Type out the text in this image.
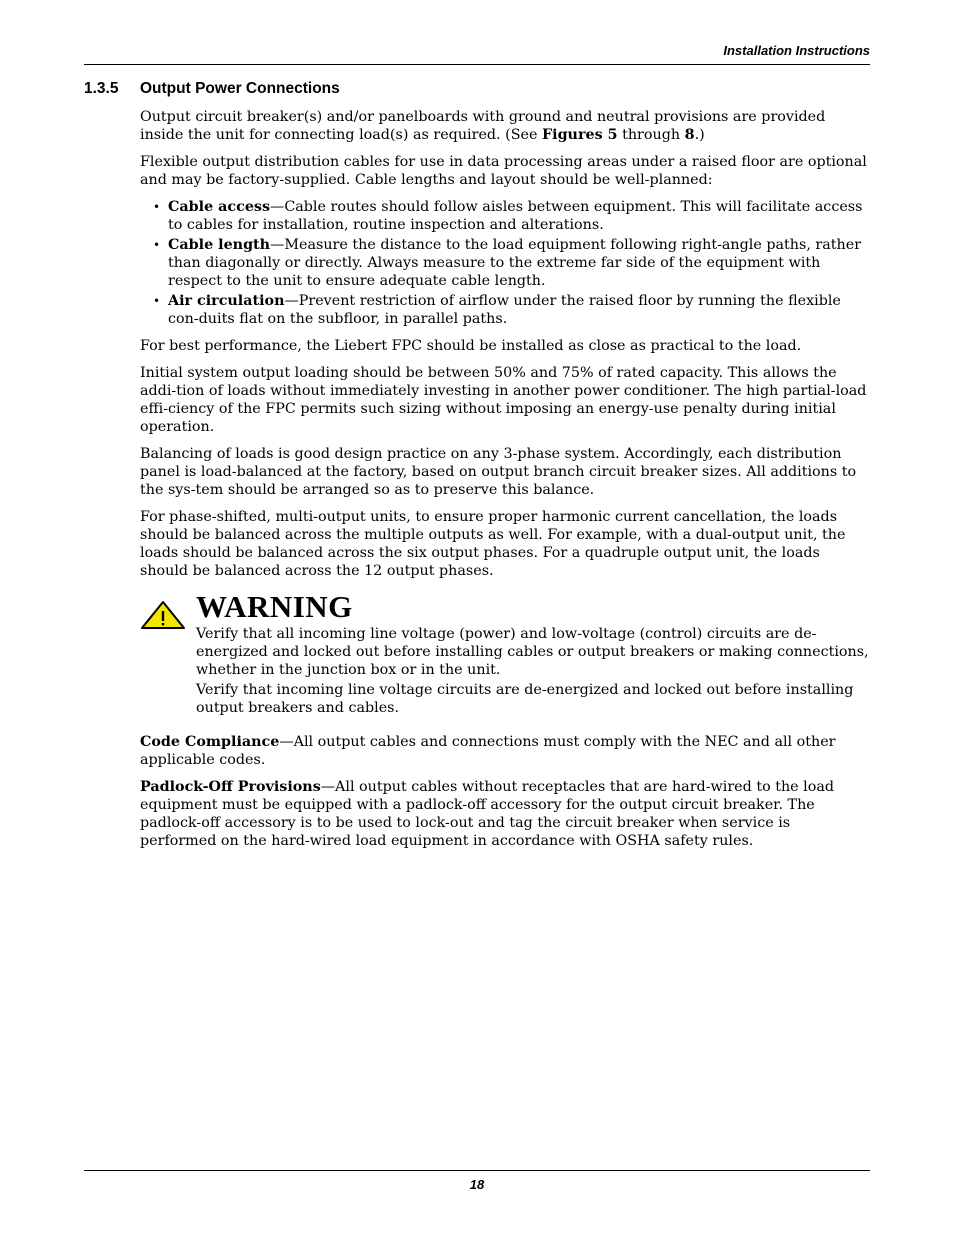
Installation Instructions
1.3.5 Output Power Connections

Output circuit breaker(s) and/or panelboards with ground and neutral provisions are provided inside the unit for connecting load(s) as required. (See Figures 5 through 8.)

Flexible output distribution cables for use in data processing areas under a raised floor are optional and may be factory-supplied. Cable lengths and layout should be well-planned:

• Cable access—Cable routes should follow aisles between equipment. This will facilitate access to cables for installation, routine inspection and alterations.
• Cable length—Measure the distance to the load equipment following right-angle paths, rather than diagonally or directly. Always measure to the extreme far side of the equipment with respect to the unit to ensure adequate cable length.
• Air circulation—Prevent restriction of airflow under the raised floor by running the flexible con-duits flat on the subfloor, in parallel paths.

For best performance, the Liebert FPC should be installed as close as practical to the load.

Initial system output loading should be between 50% and 75% of rated capacity. This allows the addi-tion of loads without immediately investing in another power conditioner. The high partial-load effi-ciency of the FPC permits such sizing without imposing an energy-use penalty during initial operation.

Balancing of loads is good design practice on any 3-phase system. Accordingly, each distribution panel is load-balanced at the factory, based on output branch circuit breaker sizes. All additions to the sys-tem should be arranged so as to preserve this balance.

For phase-shifted, multi-output units, to ensure proper harmonic current cancellation, the loads should be balanced across the multiple outputs as well. For example, with a dual-output unit, the loads should be balanced across the six output phases. For a quadruple output unit, the loads should be balanced across the 12 output phases.

WARNING

Verify that all incoming line voltage (power) and low-voltage (control) circuits are de-energized and locked out before installing cables or output breakers or making connections, whether in the junction box or in the unit.

Verify that incoming line voltage circuits are de-energized and locked out before installing output breakers and cables.

Code Compliance—All output cables and connections must comply with the NEC and all other applicable codes.

Padlock-Off Provisions—All output cables without receptacles that are hard-wired to the load equipment must be equipped with a padlock-off accessory for the output circuit breaker. The padlock-off accessory is to be used to lock-out and tag the circuit breaker when service is performed on the hard-wired load equipment in accordance with OSHA safety rules.

18
